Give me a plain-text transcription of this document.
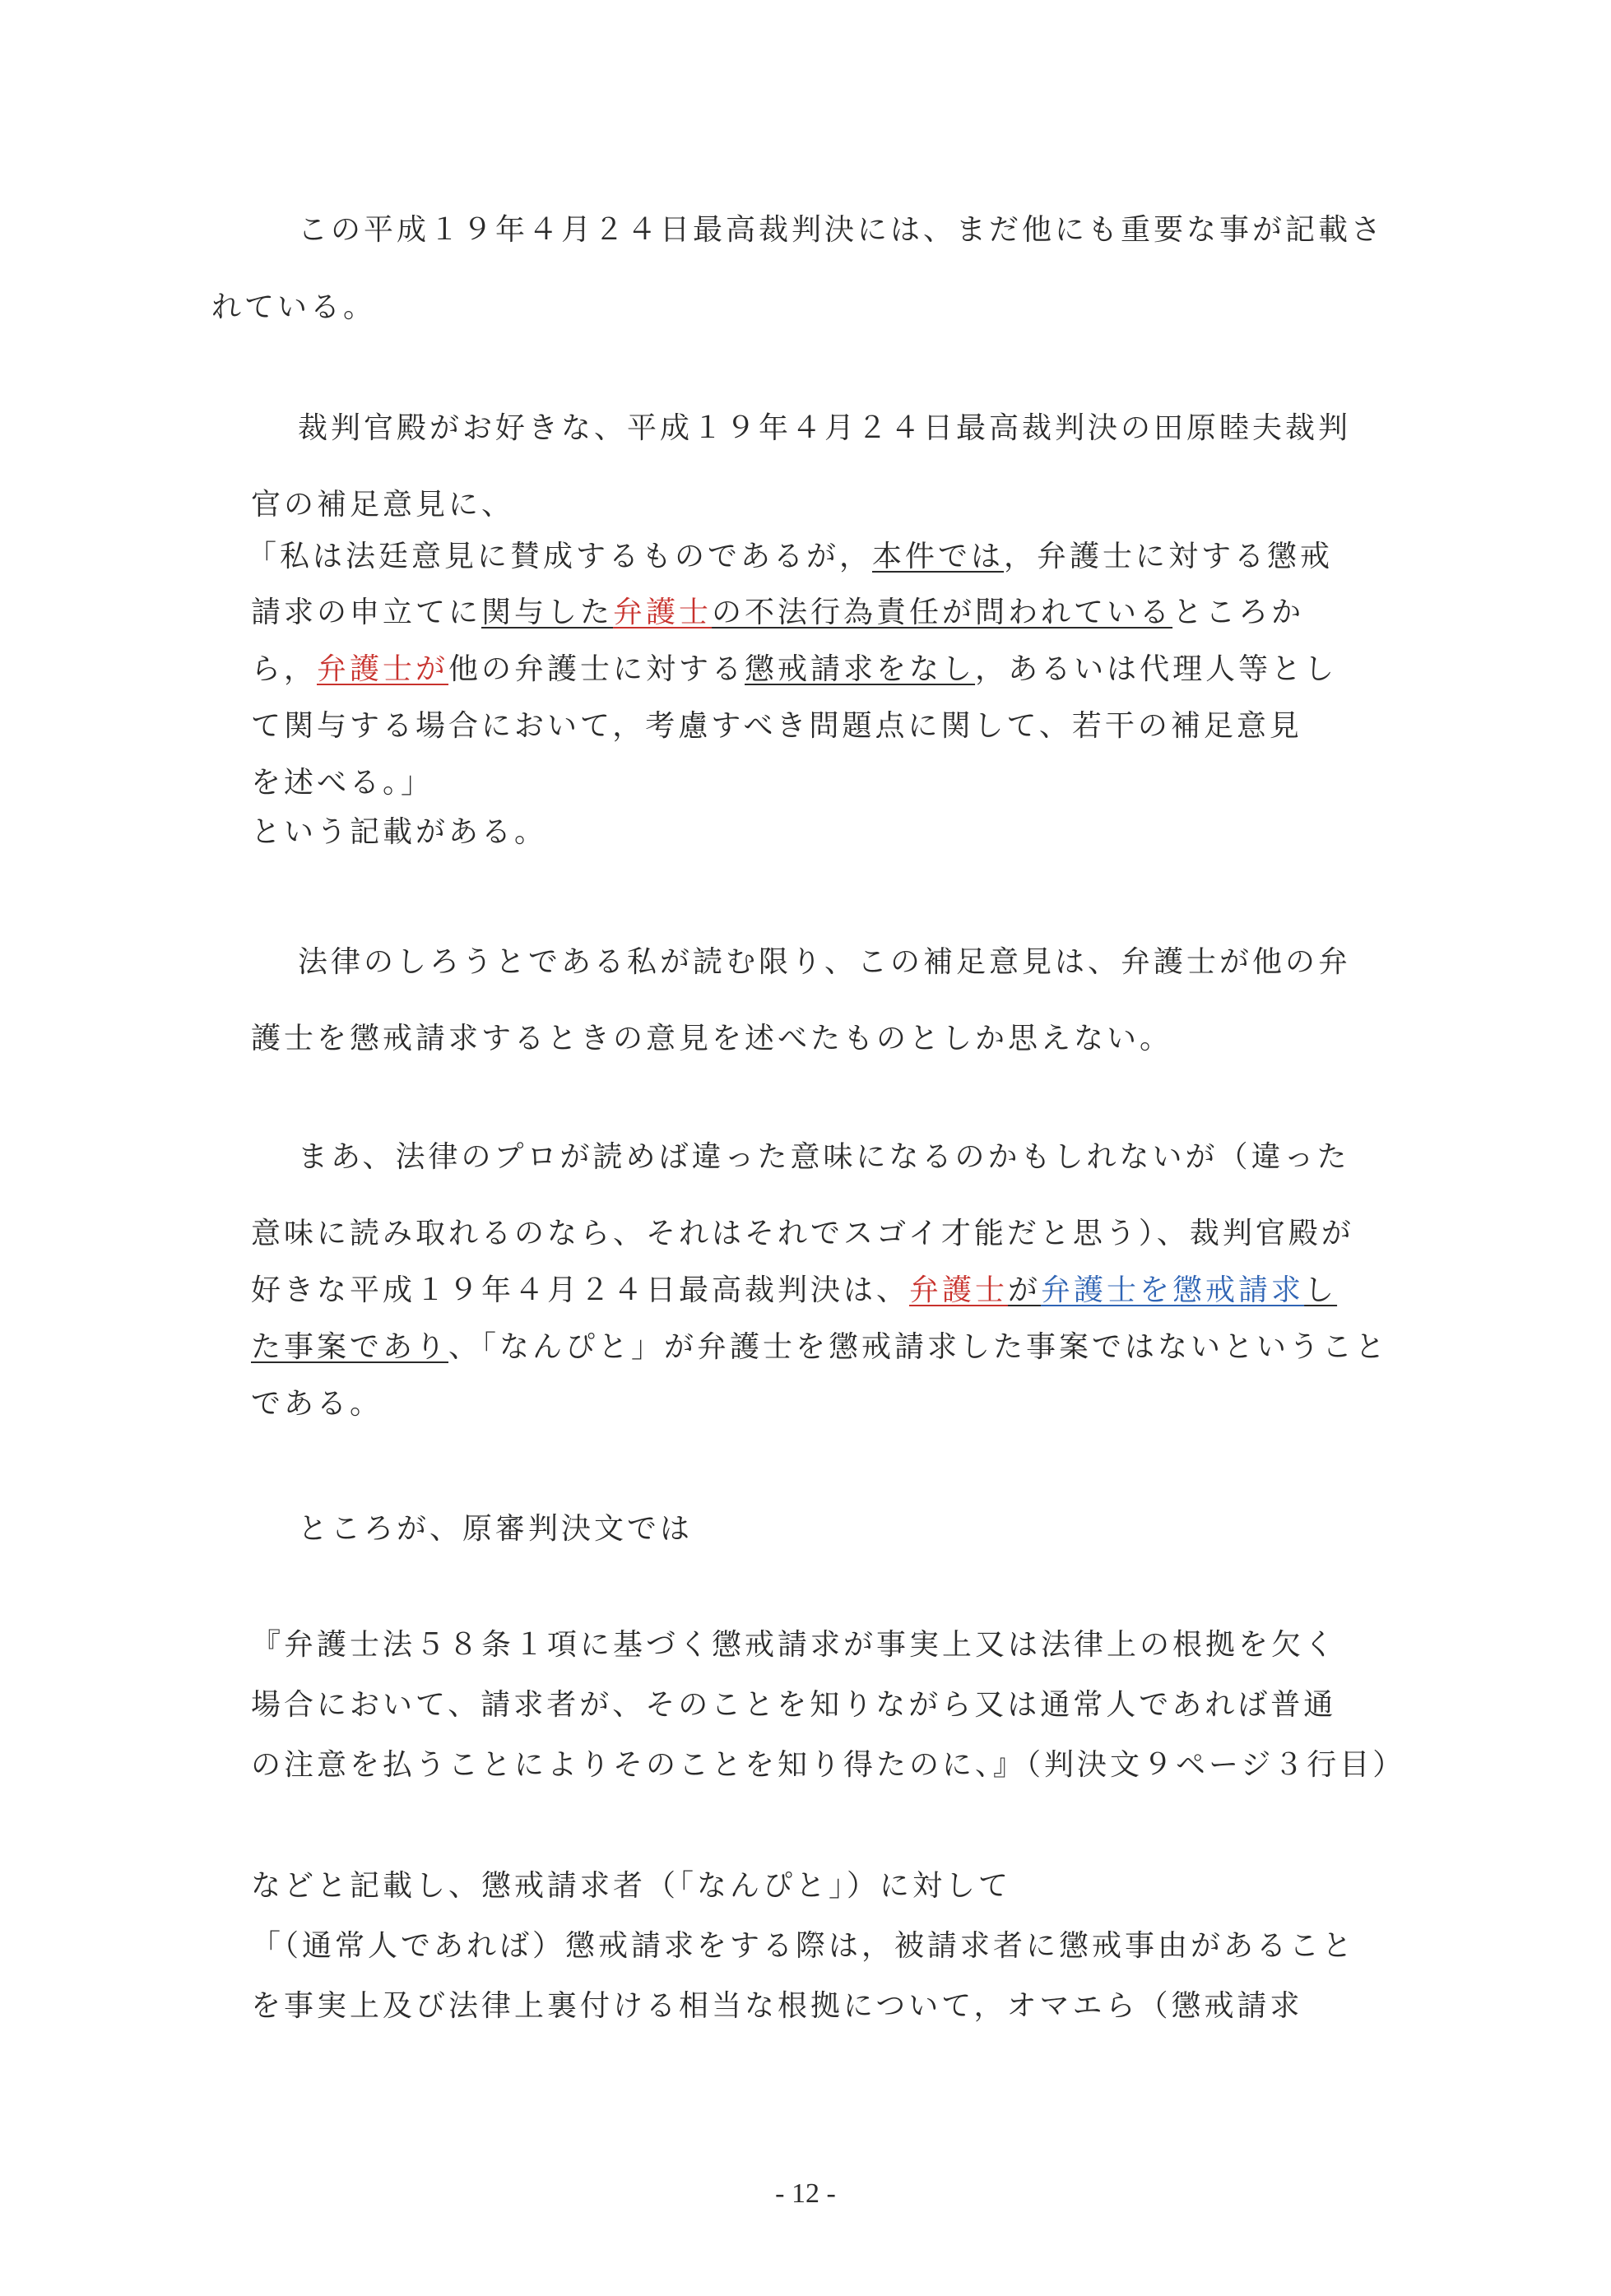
この平成１９年４月２４日最高裁判決には、まだ他にも重要な事が記載さ
れている。
裁判官殿がお好きな、平成１９年４月２４日最高裁判決の田原睦夫裁判
官の補足意見に、
「私は法廷意見に賛成するものであるが，本件では，弁護士に対する懲戒
請求の申立てに関与した弁護士の不法行為責任が問われているところか
ら，弁護士が他の弁護士に対する懲戒請求をなし，あるいは代理人等とし
て関与する場合において，考慮すべき問題点に関して、若干の補足意見
を述べる。」
という記載がある。
法律のしろうとである私が読む限り、この補足意見は、弁護士が他の弁
護士を懲戒請求するときの意見を述べたものとしか思えない。
まあ、法律のプロが読めば違った意味になるのかもしれないが（違った
意味に読み取れるのなら、それはそれでスゴイ才能だと思う）、裁判官殿が
好きな平成１９年４月２４日最高裁判決は、弁護士が弁護士を懲戒請求し
た事案であり、「なんぴと」が弁護士を懲戒請求した事案ではないということ
である。
ところが、原審判決文では
『弁護士法５８条１項に基づく懲戒請求が事実上又は法律上の根拠を欠く
場合において、請求者が、そのことを知りながら又は通常人であれば普通
の注意を払うことによりそのことを知り得たのに、』（判決文９ページ３行目）
などと記載し、懲戒請求者（「なんぴと」）に対して
「（通常人であれば）懲戒請求をする際は，被請求者に懲戒事由があること
を事実上及び法律上裏付ける相当な根拠について，オマエら（懲戒請求
- 12 -
